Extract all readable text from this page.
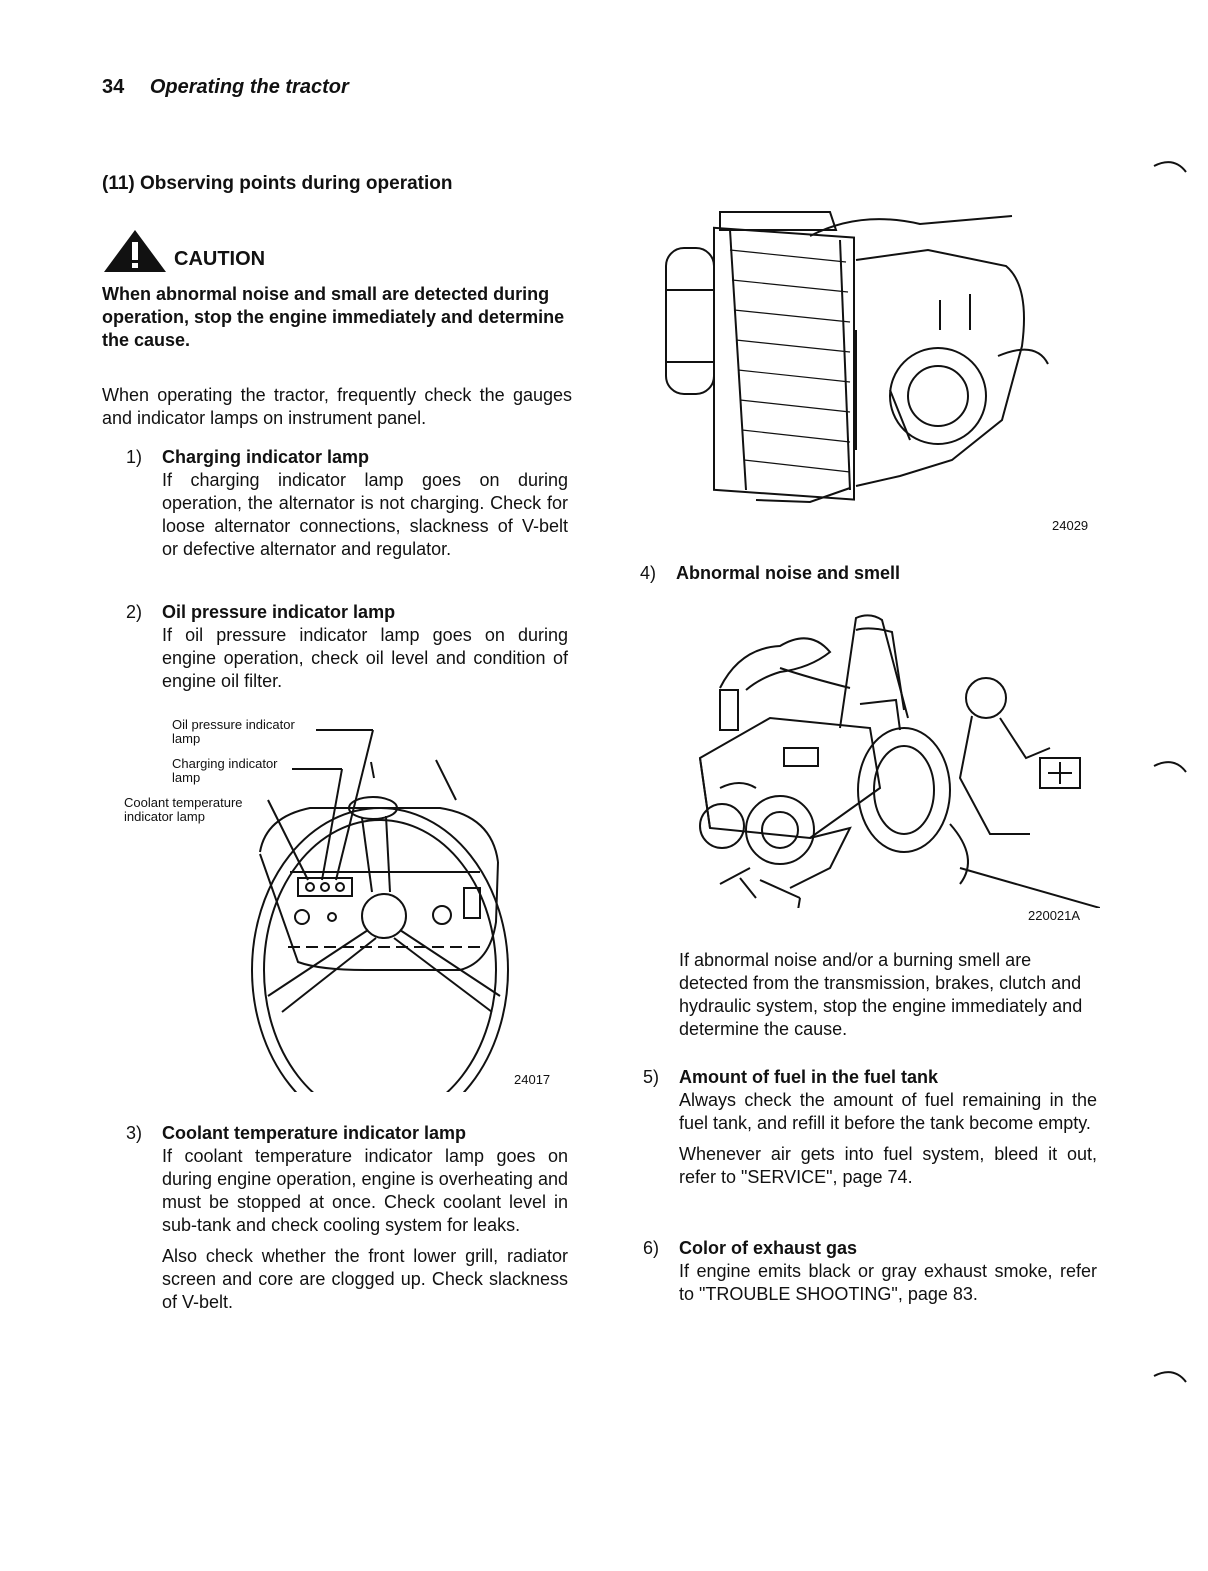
34 Operating the tractor
(11) Observing points during operation
CAUTION
When abnormal noise and small are detected during operation, stop the engine immediately and determine the cause.
When operating the tractor, frequently check the gauges and indicator lamps on instrument panel.
1) Charging indicator lamp
If charging indicator lamp goes on during operation, the alternator is not charging. Check for loose alternator connections, slackness of V-belt or defective alternator and regulator.
2) Oil pressure indicator lamp
If oil pressure indicator lamp goes on during engine operation, check oil level and condition of engine oil filter.
Oil pressure indicator lamp
Charging indicator lamp
Coolant temperature indicator lamp
24017
3) Coolant temperature indicator lamp
If coolant temperature indicator lamp goes on during engine operation, engine is overheating and must be stopped at once. Check coolant level in sub-tank and check cooling system for leaks.
Also check whether the front lower grill, radiator screen and core are clogged up. Check slackness of V-belt.
24029
4) Abnormal noise and smell
220021A
If abnormal noise and/or a burning smell are detected from the transmission, brakes, clutch and hydraulic system, stop the engine immediately and determine the cause.
5) Amount of fuel in the fuel tank
Always check the amount of fuel remaining in the fuel tank, and refill it before the tank become empty.
Whenever air gets into fuel system, bleed it out, refer to "SERVICE", page 74.
6) Color of exhaust gas
If engine emits black or gray exhaust smoke, refer to "TROUBLE SHOOTING", page 83.
